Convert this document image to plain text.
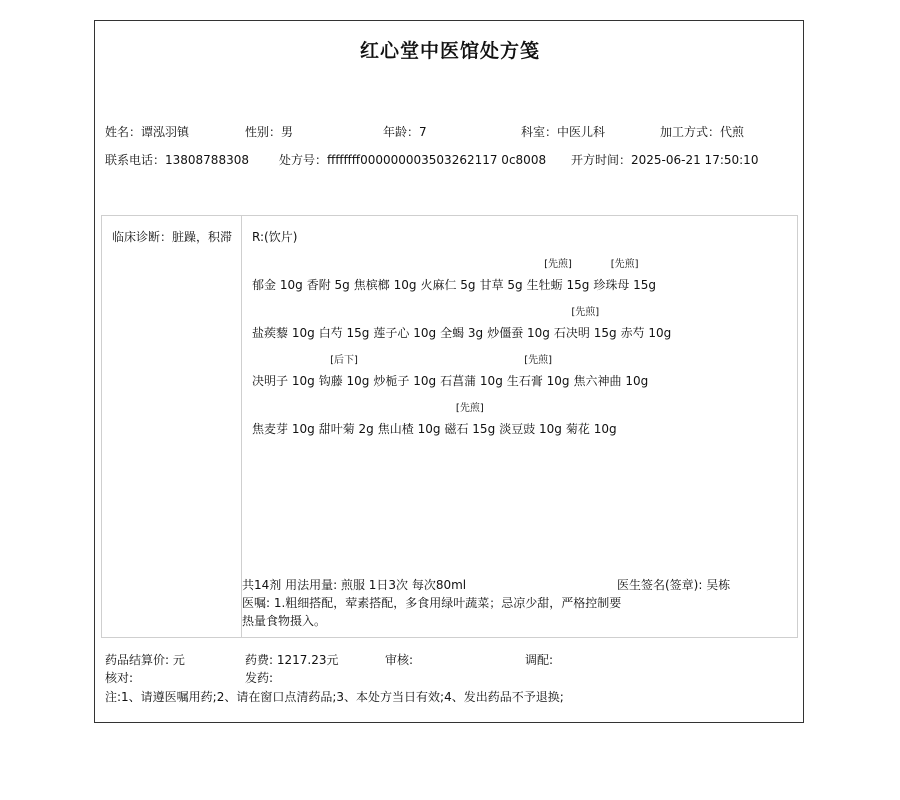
红心堂中医馆处方笺
姓名：谭泓羽镇	性别：男	年龄：7	科室：中医儿科	加工方式：代煎
联系电话：13808788308	处方号：ffffffff000000003503262117 0c8008 开方时间：2025-06-21 17:50:10
临床诊断：脏躁，积滞	R:(饮片)
郁金 10g 香附 5g 焦槟榔 10g 火麻仁 5g 甘草 5g 生牡蛎 15g
[先煎]
珍珠母 15g
[先煎]
盐蒺藜 10g 白芍 15g 莲子心 10g 全蝎 3g 炒僵蚕 10g 石决明 15g
[先煎]
赤芍 10g
决明子 10g 钩藤 10g
[后下]
炒栀子 10g 石菖蒲 10g 生石膏 10g
[先煎]
焦六神曲 10g
焦麦芽 10g 甜叶菊 2g 焦山楂 10g 磁石 15g
[先煎]
淡豆豉 10g 菊花 10g
共14剂 用法用量: 煎服 1日3次 每次80ml	医生签名(签章): 吴栋
医嘱: 1.粗细搭配，荤素搭配，多食用绿叶蔬菜；忌凉少甜，严格控制要热量食物摄入。
药品结算价: 元	药费: 1217.23元	审核:	调配:
核对:	发药:
注:1、请遵医嘱用药;2、请在窗口点清药品;3、本处方当日有效;4、发出药品不予退换;
